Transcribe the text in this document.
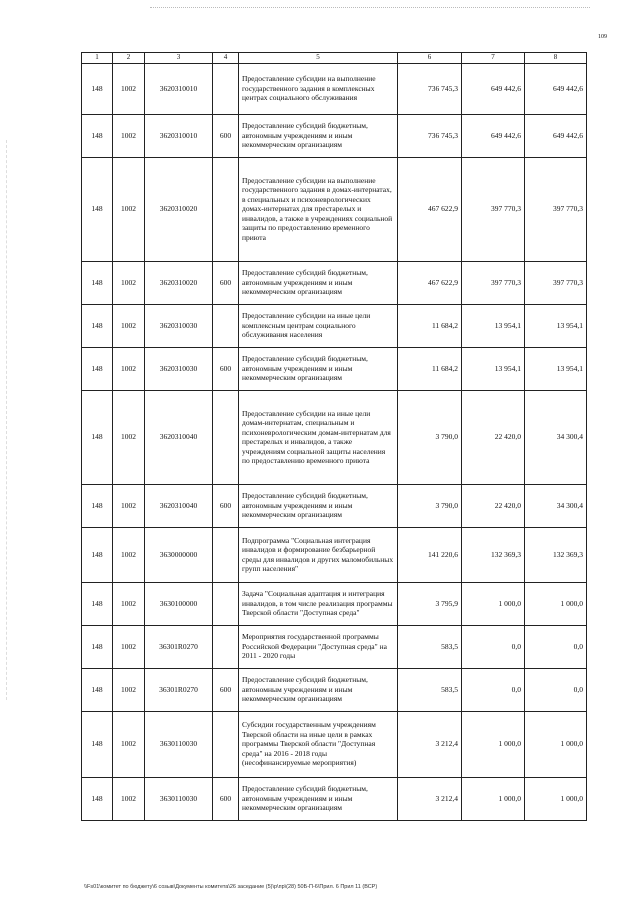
109
1	2	3	4	5	6	7	8
148	1002	3620310010		Предоставление субсидии на выполнение государственного задания в комплексных центрах социального обслуживания	736 745,3	649 442,6	649 442,6
148	1002	3620310010	600	Предоставление субсидий бюджетным, автономным учреждениям и иным некоммерческим организациям	736 745,3	649 442,6	649 442,6
148	1002	3620310020		Предоставление субсидии на выполнение государственного задания в домах-интернатах, в специальных и психоневрологических домах-интернатах для престарелых и инвалидов, а также в учреждениях социальной защиты по предоставлению временного приюта	467 622,9	397 770,3	397 770,3
148	1002	3620310020	600	Предоставление субсидий бюджетным, автономным учреждениям и иным некоммерческим организациям	467 622,9	397 770,3	397 770,3
148	1002	3620310030		Предоставление субсидии на иные цели комплексным центрам социального обслуживания населения	11 684,2	13 954,1	13 954,1
148	1002	3620310030	600	Предоставление субсидий бюджетным, автономным учреждениям и иным некоммерческим организациям	11 684,2	13 954,1	13 954,1
148	1002	3620310040		Предоставление субсидии на иные цели домам-интернатам, специальным и психоневрологическим домам-интернатам для престарелых и инвалидов, а также учреждениям социальной защиты населения по предоставлению временного приюта	3 790,0	22 420,0	34 300,4
148	1002	3620310040	600	Предоставление субсидий бюджетным, автономным учреждениям и иным некоммерческим организациям	3 790,0	22 420,0	34 300,4
148	1002	3630000000		Подпрограмма "Социальная интеграция инвалидов и формирование безбарьерной среды для инвалидов и других маломобильных групп населения"	141 220,6	132 369,3	132 369,3
148	1002	3630100000		Задача "Социальная адаптация и интеграция инвалидов, в том числе реализация программы Тверской области "Доступная среда"	3 795,9	1 000,0	1 000,0
148	1002	36301R0270		Мероприятия государственной программы Российской Федерации "Доступная среда" на 2011 - 2020 годы	583,5	0,0	0,0
148	1002	36301R0270	600	Предоставление субсидий бюджетным, автономным учреждениям и иным некоммерческим организациям	583,5	0,0	0,0
148	1002	3630110030		Субсидии государственным учреждениям Тверской области на иные цели в рамках программы Тверской области "Доступная среда" на 2016 - 2018 годы (несофинансируемые мероприятия)	3 212,4	1 000,0	1 000,0
148	1002	3630110030	600	Предоставление субсидий бюджетным, автономным учреждениям и иным некоммерческим организациям	3 212,4	1 000,0	1 000,0
\\Fs01\комитет по бюджету\6 созыв\Документы комитета\26 заседание (5)\р\пр\(28) 50Б-П-6\Прил. 6 Прил 11 (ВСР)
